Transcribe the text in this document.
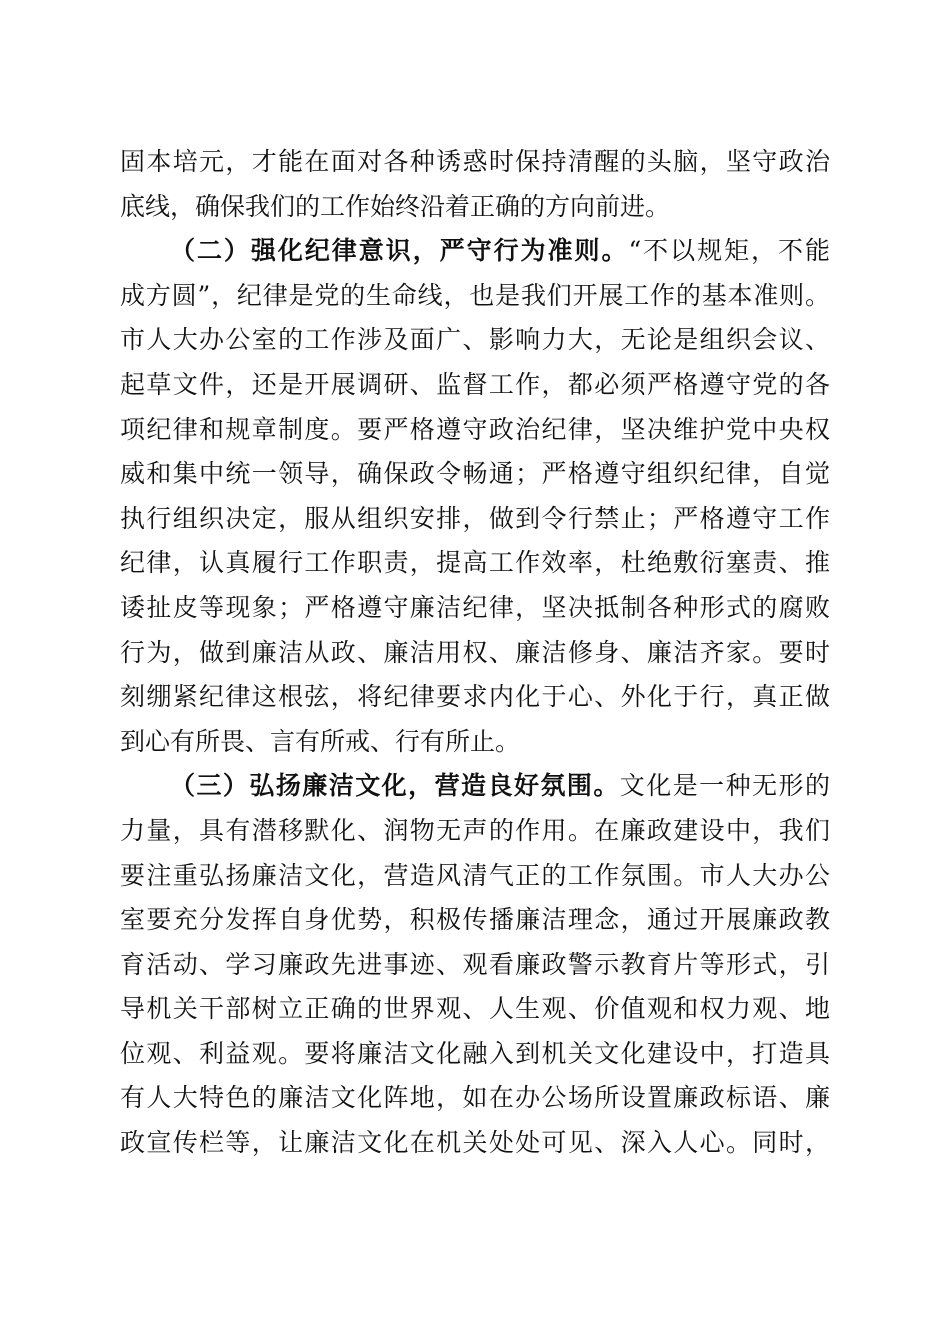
固本培元，才能在面对各种诱惑时保持清醒的头脑，坚守政治
底线，确保我们的工作始终沿着正确的方向前进。
（二）强化纪律意识，严守行为准则。“不以规矩，不能
成方圆”，纪律是党的生命线，也是我们开展工作的基本准则。
市人大办公室的工作涉及面广、影响力大，无论是组织会议、
起草文件，还是开展调研、监督工作，都必须严格遵守党的各
项纪律和规章制度。要严格遵守政治纪律，坚决维护党中央权
威和集中统一领导，确保政令畅通；严格遵守组织纪律，自觉
执行组织决定，服从组织安排，做到令行禁止；严格遵守工作
纪律，认真履行工作职责，提高工作效率，杜绝敷衍塞责、推
诿扯皮等现象；严格遵守廉洁纪律，坚决抵制各种形式的腐败
行为，做到廉洁从政、廉洁用权、廉洁修身、廉洁齐家。要时
刻绷紧纪律这根弦，将纪律要求内化于心、外化于行，真正做
到心有所畏、言有所戒、行有所止。
（三）弘扬廉洁文化，营造良好氛围。文化是一种无形的
力量，具有潜移默化、润物无声的作用。在廉政建设中，我们
要注重弘扬廉洁文化，营造风清气正的工作氛围。市人大办公
室要充分发挥自身优势，积极传播廉洁理念，通过开展廉政教
育活动、学习廉政先进事迹、观看廉政警示教育片等形式，引
导机关干部树立正确的世界观、人生观、价值观和权力观、地
位观、利益观。要将廉洁文化融入到机关文化建设中，打造具
有人大特色的廉洁文化阵地，如在办公场所设置廉政标语、廉
政宣传栏等，让廉洁文化在机关处处可见、深入人心。同时，
